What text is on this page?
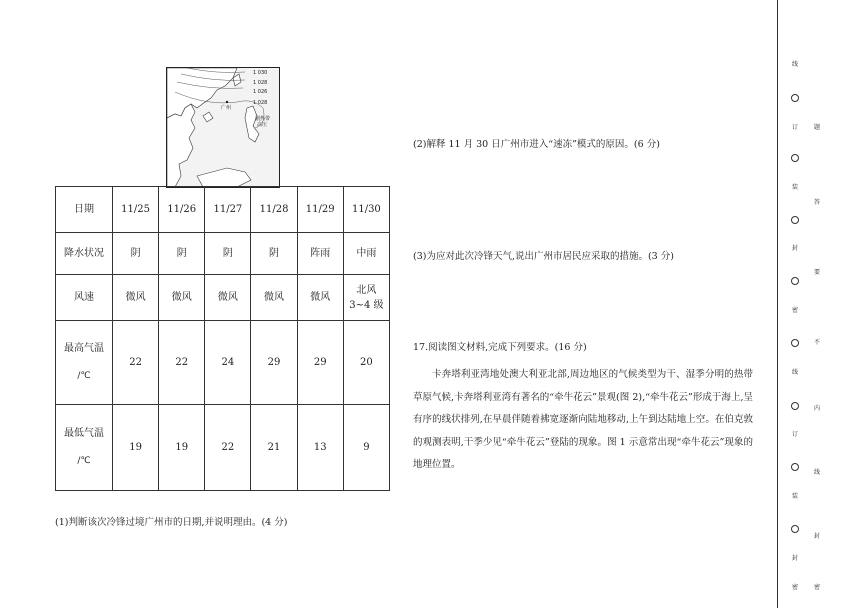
1 030
1 028
1 026
1 028
广州
副热带
高压
日期	11/25	11/26	11/27	11/28	11/29	11/30
降水状况	阴	阴	阴	阴	阵雨	中雨
风速	微风	微风	微风	微风	微风	北风 3~4 级
最高气温
/℃	22	22	24	29	29	20
最低气温
/℃	19	19	22	21	13	9
(1)判断该次冷锋过境广州市的日期,并说明理由。(4 分)
(2)解释 11 月 30 日广州市进入“速冻”模式的原因。(6 分)
(3)为应对此次冷锋天气,说出广州市居民应采取的措施。(3 分)
17.阅读图文材料,完成下列要求。(16 分)

卡奔塔利亚湾地处澳大利亚北部,周边地区的气候类型为干、湿季分明的热带草原气候,卡奔塔利亚湾有著名的“牵牛花云”景观(图 2),“牵牛花云”形成于海上,呈有序的线状排列,在早晨伴随着拂宽逐渐向陆地移动,上午到达陆地上空。在伯克敦的观测表明,干季少见“牵牛花云”登陆的现象。图 1 示意常出现“牵牛花云”现象的地理位置。

线
订
装
封
密
线
订
装
封
密
题
答
要
不
内
线
封
密
